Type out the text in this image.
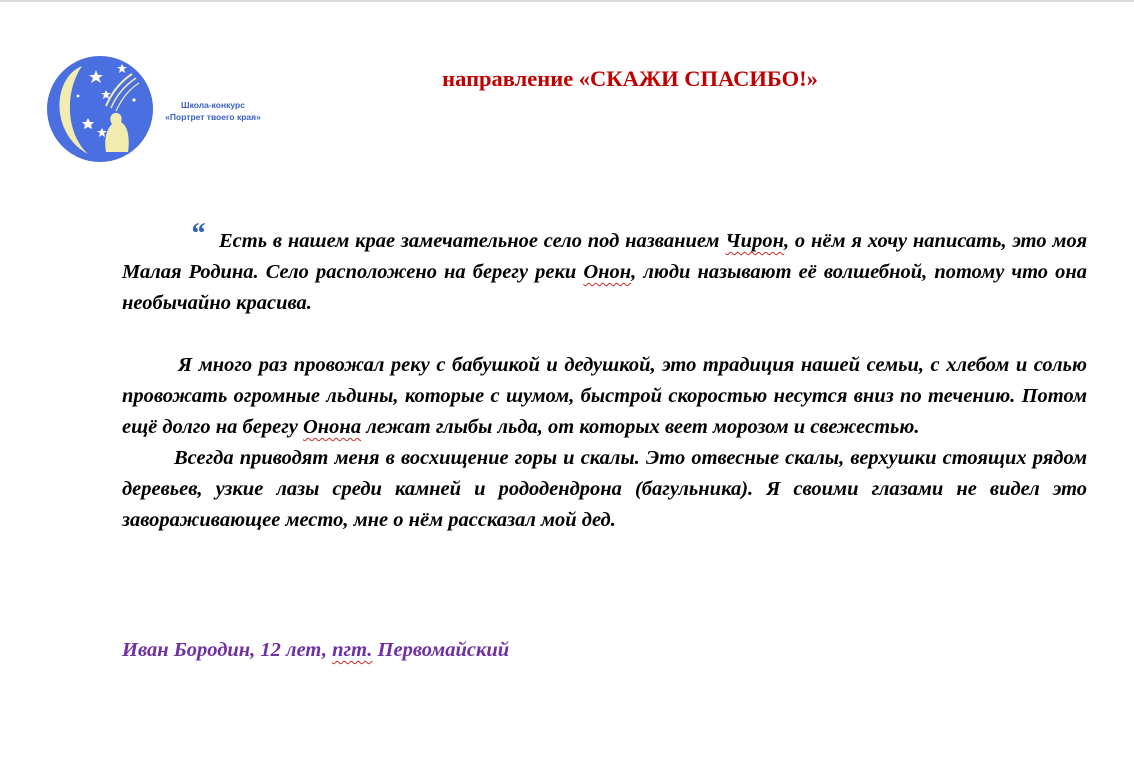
Школа-конкурс
«Портрет твоего края»
направление «СКАЖИ СПАСИБО!»

“ Есть в нашем крае замечательное село под названием Чирон, о нём я хочу написать, это моя Малая Родина. Село расположено на берегу реки Онон, люди называют её волшебной, потому что она необычайно красива.

Я много раз провожал реку с бабушкой и дедушкой, это традиция нашей семьи, с хлебом и солью провожать огромные льдины, которые с шумом, быстрой скоростью несутся вниз по течению. Потом ещё долго на берегу Онона лежат глыбы льда, от которых веет морозом и свежестью.

Всегда приводят меня в восхищение горы и скалы. Это отвесные скалы, верхушки стоящих рядом деревьев, узкие лазы среди камней и рододендрона (багульника). Я своими глазами не видел это завораживающее место, мне о нём рассказал мой дед.

Иван Бородин, 12 лет, пгт. Первомайский
